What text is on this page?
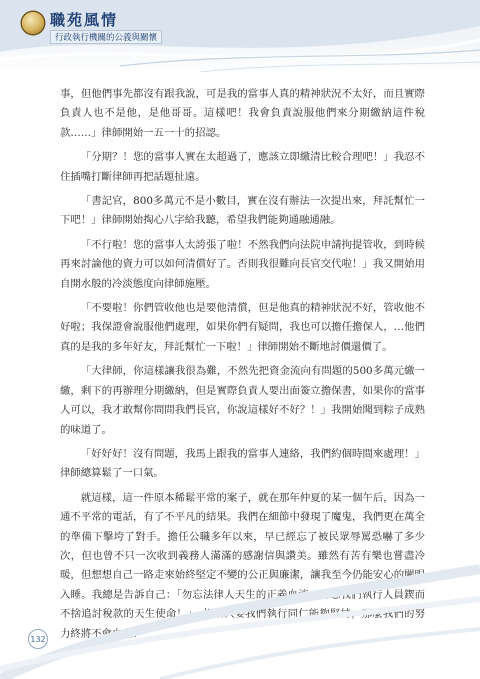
職苑風情
行政執行機關的公義與關懷

事，但他們事先都沒有跟我說，可是我的當事人真的精神狀況不太好，而且實際負責人也不是他，是他哥哥。這樣吧！我會負責說服他們來分期繳納這件稅款……」律師開始一五一十的招認。

「分期？！您的當事人實在太超過了，應該立即繳清比較合理吧！」我忍不住插嘴打斷律師再把話題扯遠。

「書記官，800多萬元不是小數目，實在沒有辦法一次提出來，拜託幫忙一下吧！」律師開始掏心八字給我聽，希望我們能夠通融通融。

「不行啦！您的當事人太誇張了啦！不然我們向法院申請拘提管收，到時候再來討論他的資力可以如何清償好了。否則我很難向長官交代啦！」我又開始用自開水般的冷淡態度向律師施壓。

「不要啦！你們管收他也是要他清償，但是他真的精神狀況不好，管收他不好啦；我保證會說服他們處理，如果你們有疑問，我也可以擔任擔保人，…他們真的是我的多年好友，拜託幫忙一下啦！」律師開始不斷地討價還價了。

「大律師，你這樣讓我很為難，不然先把資金流向有問題的500多萬元繳一繳，剩下的再辦理分期繳納，但是實際負責人要出面簽立擔保書，如果你的當事人可以，我才敢幫你問問我們長官，你說這樣好不好？！」我開始聞到粽子成熟的味道了。

「好好好！沒有問題，我馬上跟我的當事人連絡，我們約個時間來處理！」律師總算鬆了一口氣。

就這樣，這一件原本稀鬆平常的案子，就在那年仲夏的某一個午后，因為一通不平常的電話，有了不平凡的結果。我們在細節中發現了魔鬼，我們更在萬全的準備下擊垮了對手。擔任公職多年以來，早已經忘了被民眾辱罵恐嚇了多少次，但也曾不只一次收到義務人滿滿的感謝信與讚美。雖然有苦有樂也嘗盡冷暖，但想想自己一路走來始終堅定不變的公正與廉潔，讓我至今仍能安心的闔眼入睡。我總是告訴自己：「勿忘法律人天生的正義血液，勿忘我們執行人員鍥而不捨追討稅款的天生使命！」，相信只要我們執行同仁能夠堅持，那麼我們的努力終將不會白費！

132
